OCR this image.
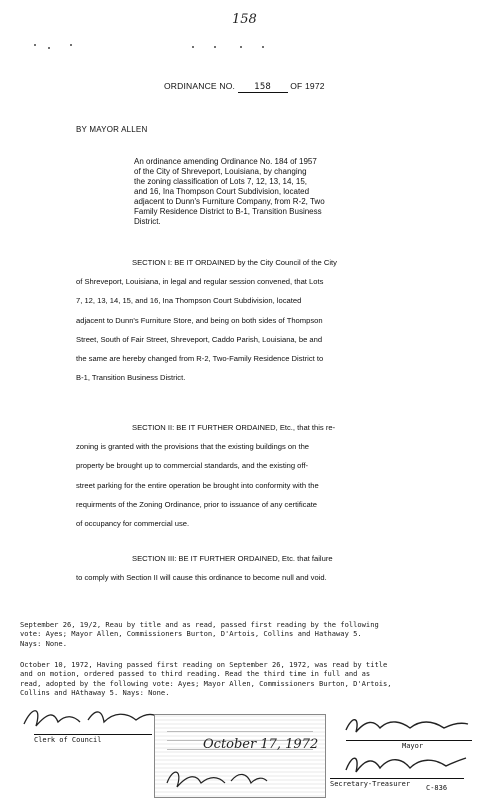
158
ORDINANCE NO. 158 OF 1972
BY MAYOR ALLEN
An ordinance amending Ordinance No. 184 of 1957
of the City of Shreveport, Louisiana, by changing
the zoning classification of Lots 7, 12, 13, 14, 15,
and 16, Ina Thompson Court Subdivision, located
adjacent to Dunn's Furniture Company, from R-2, Two
Family Residence District to B-1, Transition Business
District.
SECTION I: BE IT ORDAINED by the City Council of the City
of Shreveport, Louisiana, in legal and regular session convened, that Lots
7, 12, 13, 14, 15, and 16, Ina Thompson Court Subdivision, located
adjacent to Dunn's Furniture Store, and being on both sides of Thompson
Street, South of Fair Street, Shreveport, Caddo Parish, Louisiana, be and
the same are hereby changed from R-2, Two-Family Residence District to
B-1, Transition Business District.
SECTION II: BE IT FURTHER ORDAINED, Etc., that this re-
zoning is granted with the provisions that the existing buildings on the
property be brought up to commercial standards, and the existing off-
street parking for the entire operation be brought into conformity with the
requirments of the Zoning Ordinance, prior to issuance of any certificate
of occupancy for commercial use.
SECTION III: BE IT FURTHER ORDAINED, Etc. that failure
to comply with Section II will cause this ordinance to become null and void.
September 26, 19/2, Reau by title and as read, passed first reading by the following
vote: Ayes; Mayor Allen, Commissioners Burton, D'Artois, Collins and Hathaway 5.
Nays: None.
October 10, 1972, Having passed first reading on September 26, 1972, was read by title
and on motion, ordered passed to third reading. Read the third time in full and as
read, adopted by the following vote: Ayes; Mayor Allen, Commissioners Burton, D'Artois,
Collins and HAthaway 5. Nays: None.
Clerk of Council	October 17, 1972	Mayor
Secretary-Treasurer C-836
